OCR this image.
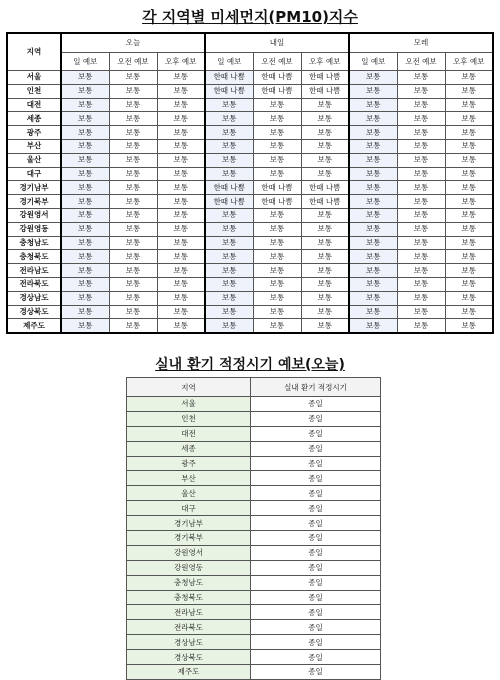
각 지역별 미세먼지(PM10)지수
지역	오늘			내일			모레		
	일 예보	오전 예보	오후 예보	일 예보	오전 예보	오후 예보	일 예보	오전 예보	오후 예보
서울	보통	보통	보통	한때 나쁨	한때 나쁨	한때 나쁨	보통	보통	보통
인천	보통	보통	보통	한때 나쁨	한때 나쁨	한때 나쁨	보통	보통	보통
대전	보통	보통	보통	보통	보통	보통	보통	보통	보통
세종	보통	보통	보통	보통	보통	보통	보통	보통	보통
광주	보통	보통	보통	보통	보통	보통	보통	보통	보통
부산	보통	보통	보통	보통	보통	보통	보통	보통	보통
울산	보통	보통	보통	보통	보통	보통	보통	보통	보통
대구	보통	보통	보통	보통	보통	보통	보통	보통	보통
경기남부	보통	보통	보통	한때 나쁨	한때 나쁨	한때 나쁨	보통	보통	보통
경기북부	보통	보통	보통	한때 나쁨	한때 나쁨	한때 나쁨	보통	보통	보통
강원영서	보통	보통	보통	보통	보통	보통	보통	보통	보통
강원영동	보통	보통	보통	보통	보통	보통	보통	보통	보통
충청남도	보통	보통	보통	보통	보통	보통	보통	보통	보통
충청북도	보통	보통	보통	보통	보통	보통	보통	보통	보통
전라남도	보통	보통	보통	보통	보통	보통	보통	보통	보통
전라북도	보통	보통	보통	보통	보통	보통	보통	보통	보통
경상남도	보통	보통	보통	보통	보통	보통	보통	보통	보통
경상북도	보통	보통	보통	보통	보통	보통	보통	보통	보통
제주도	보통	보통	보통	보통	보통	보통	보통	보통	보통
실내 환기 적정시기 예보(오늘)
지역	실내 환기 적정시기
서울	종일
인천	종일
대전	종일
세종	종일
광주	종일
부산	종일
울산	종일
대구	종일
경기남부	종일
경기북부	종일
강원영서	종일
강원영동	종일
충청남도	종일
충청북도	종일
전라남도	종일
전라북도	종일
경상남도	종일
경상북도	종일
제주도	종일
